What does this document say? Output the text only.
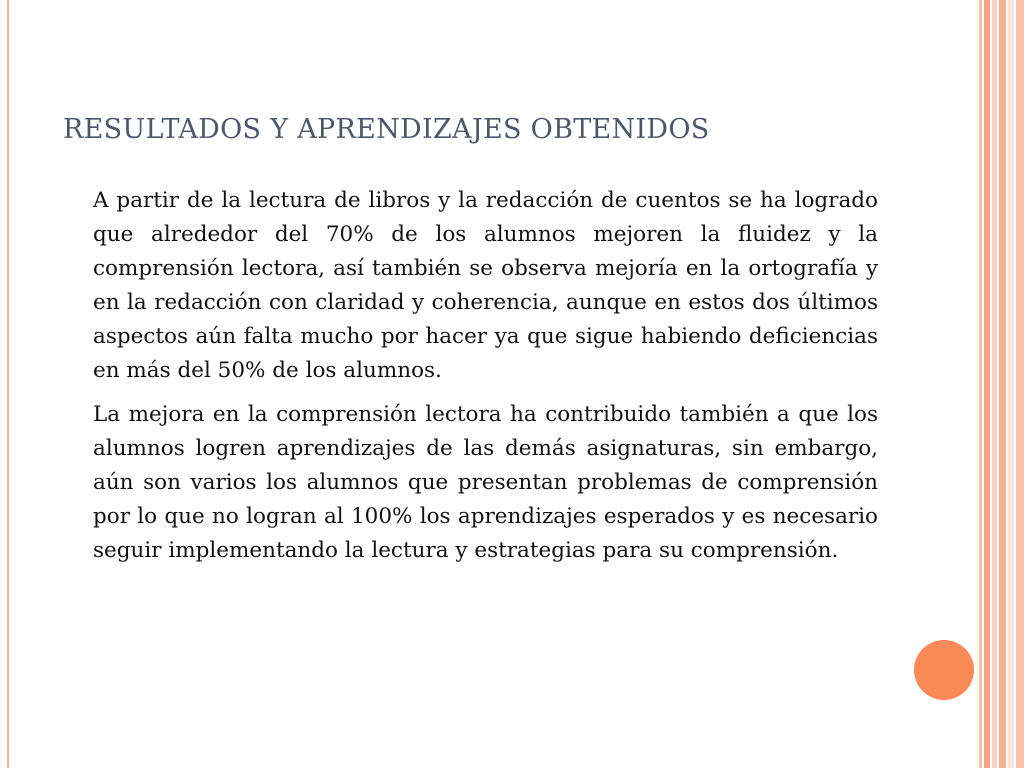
RESULTADOS Y APRENDIZAJES OBTENIDOS

A partir de la lectura de libros y la redacción de cuentos se ha logrado que alrededor del 70% de los alumnos mejoren la fluidez y la comprensión lectora, así también se observa mejoría en la ortografía y en la redacción con claridad y coherencia, aunque en estos dos últimos aspectos aún falta mucho por hacer ya que sigue habiendo deficiencias en más del 50% de los alumnos.

La mejora en la comprensión lectora ha contribuido también a que los alumnos logren aprendizajes de las demás asignaturas, sin embargo, aún son varios los alumnos que presentan problemas de comprensión por lo que no logran al 100% los aprendizajes esperados y es necesario seguir implementando la lectura y estrategias para su comprensión.
